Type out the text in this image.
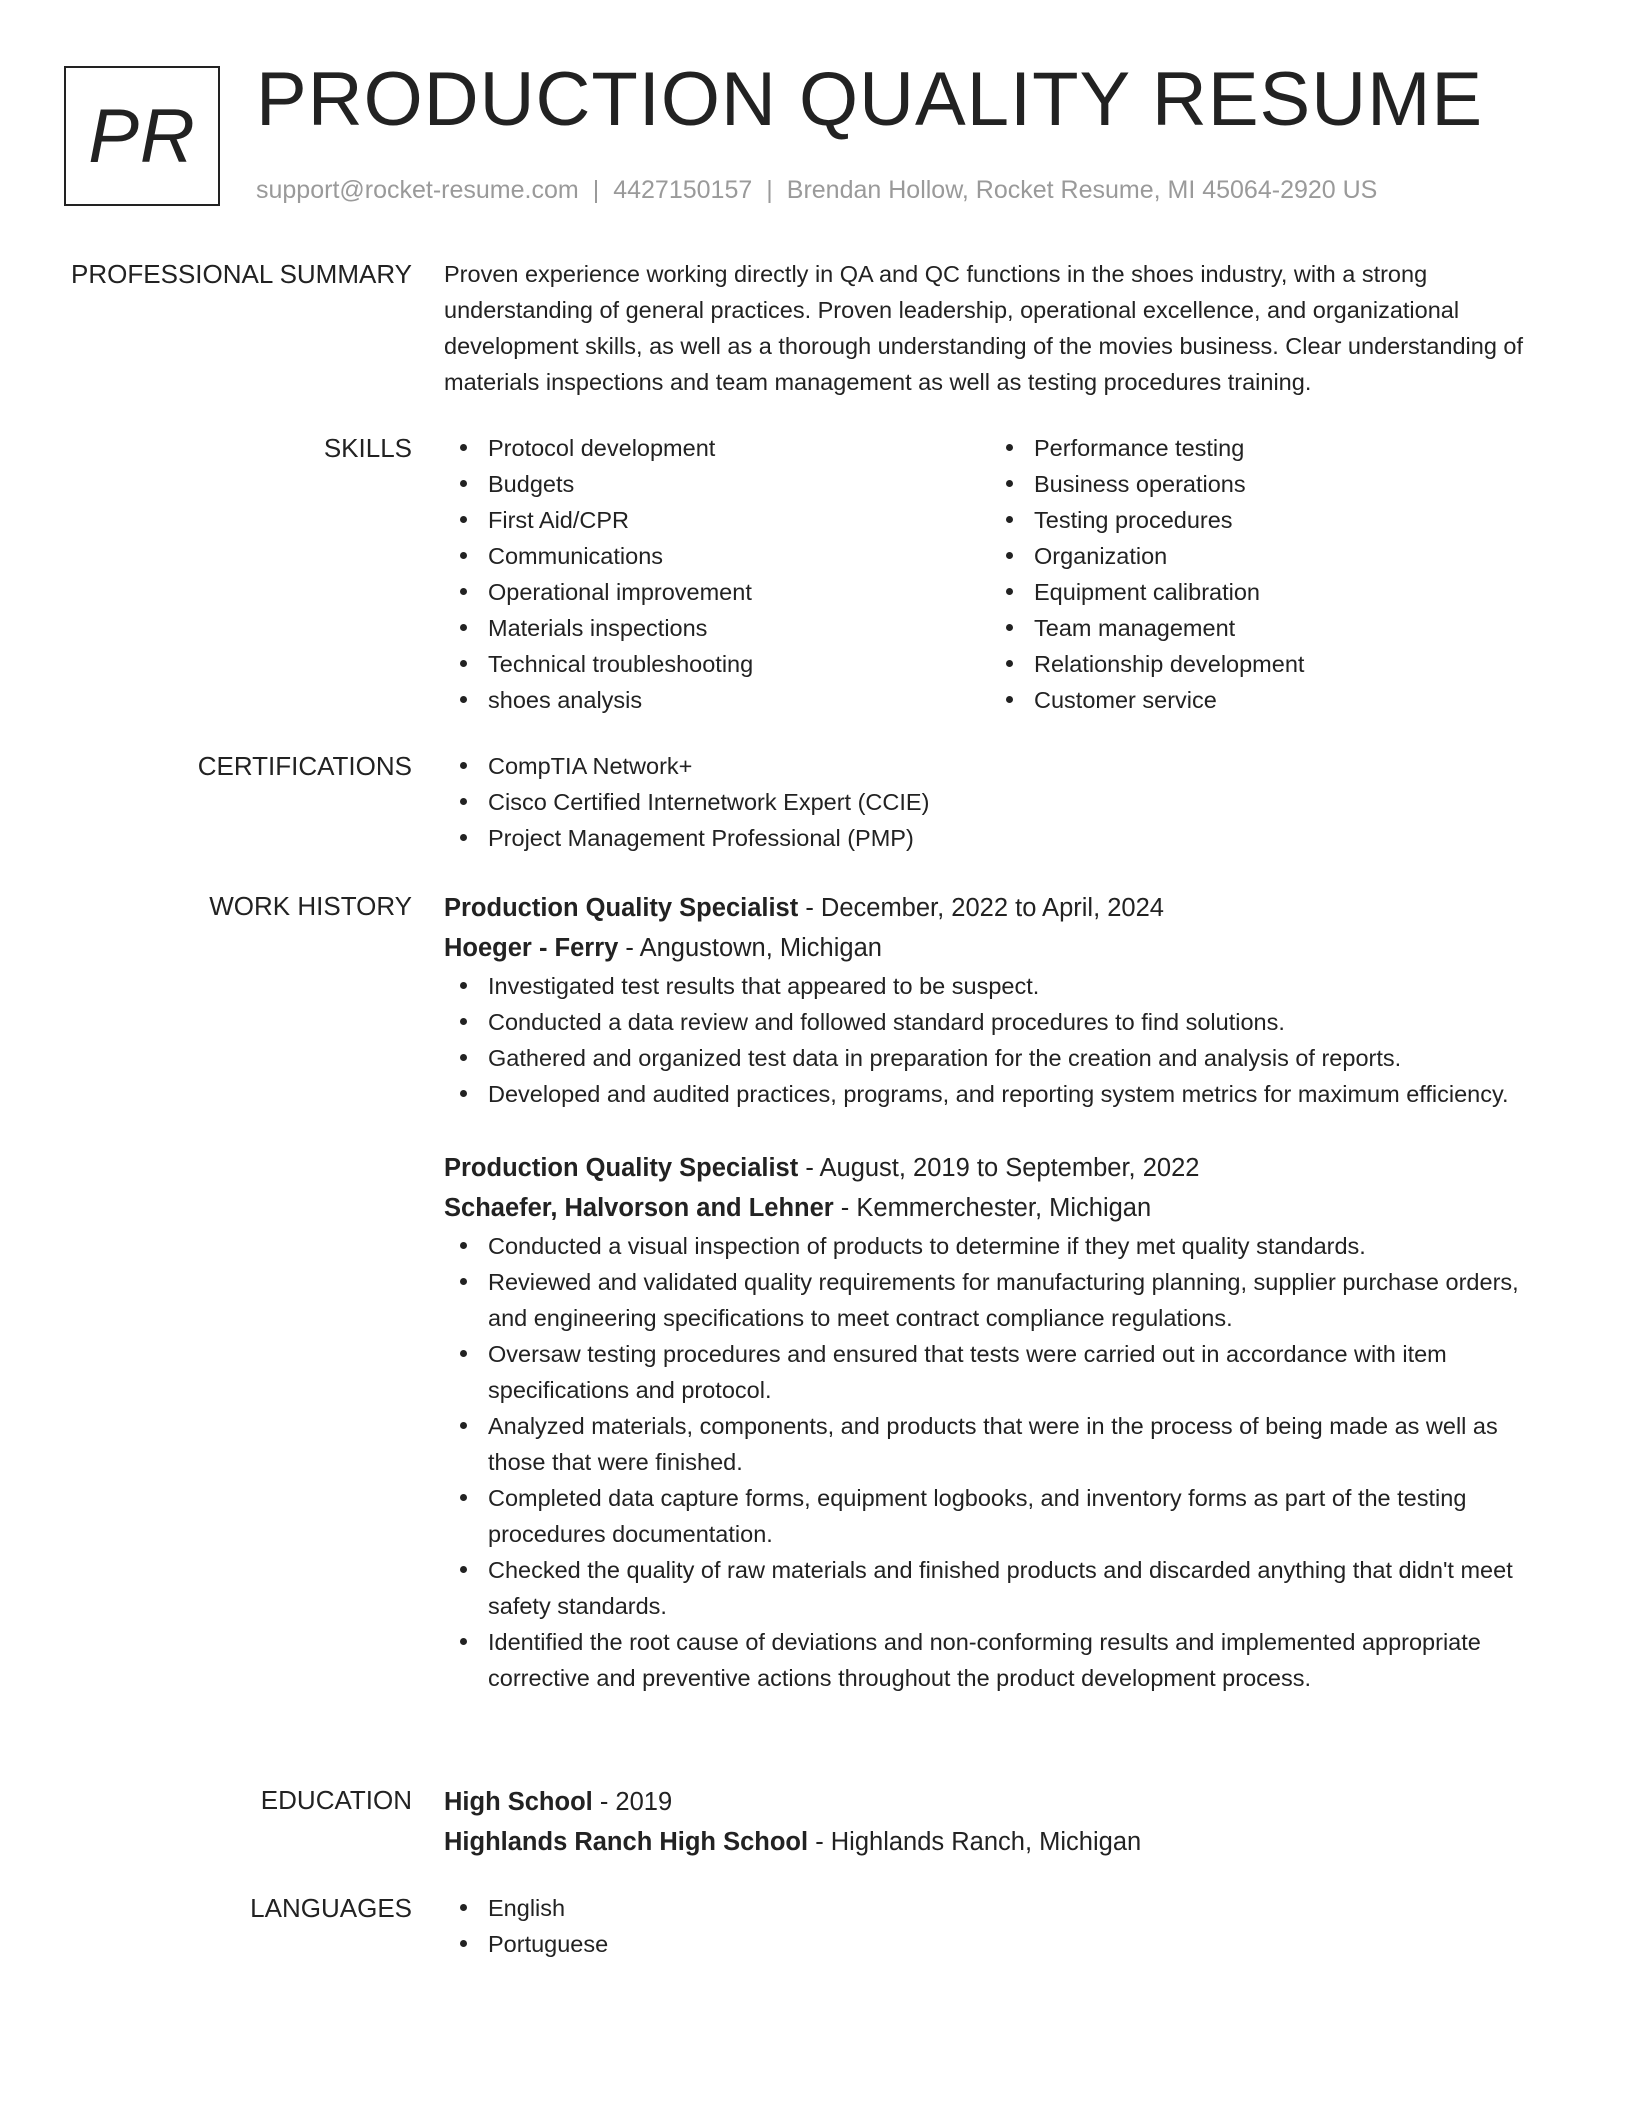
PR PRODUCTION QUALITY RESUME
support@rocket-resume.com | 4427150157 | Brendan Hollow, Rocket Resume, MI 45064-2920 US
PROFESSIONAL SUMMARY Proven experience working directly in QA and QC functions in the shoes industry, with a strong understanding of general practices. Proven leadership, operational excellence, and organizational development skills, as well as a thorough understanding of the movies business. Clear understanding of materials inspections and team management as well as testing procedures training.

SKILLS	Protocol development
Budgets
First Aid/CPR
Communications
Operational improvement
Materials inspections
Technical troubleshooting
shoes analysis
Performance testing
Business operations
Testing procedures
Organization
Equipment calibration
Team management
Relationship development
Customer service
CERTIFICATIONS	CompTIA Network+
Cisco Certified Internetwork Expert (CCIE)
Project Management Professional (PMP)
WORK HISTORY Production Quality Specialist - December, 2022 to April, 2024
Hoeger - Ferry - Angustown, Michigan
Investigated test results that appeared to be suspect.
Conducted a data review and followed standard procedures to find solutions.
Gathered and organized test data in preparation for the creation and analysis of reports.
Developed and audited practices, programs, and reporting system metrics for maximum efficiency.
Production Quality Specialist - August, 2019 to September, 2022
Schaefer, Halvorson and Lehner - Kemmerchester, Michigan
Conducted a visual inspection of products to determine if they met quality standards.
Reviewed and validated quality requirements for manufacturing planning, supplier purchase orders, and engineering specifications to meet contract compliance regulations.
Oversaw testing procedures and ensured that tests were carried out in accordance with item specifications and protocol.
Analyzed materials, components, and products that were in the process of being made as well as those that were finished.
Completed data capture forms, equipment logbooks, and inventory forms as part of the testing procedures documentation.
Checked the quality of raw materials and finished products and discarded anything that didn't meet safety standards.
Identified the root cause of deviations and non-conforming results and implemented appropriate corrective and preventive actions throughout the product development process.
EDUCATION High School - 2019
Highlands Ranch High School - Highlands Ranch, Michigan
LANGUAGES	English
Portuguese
